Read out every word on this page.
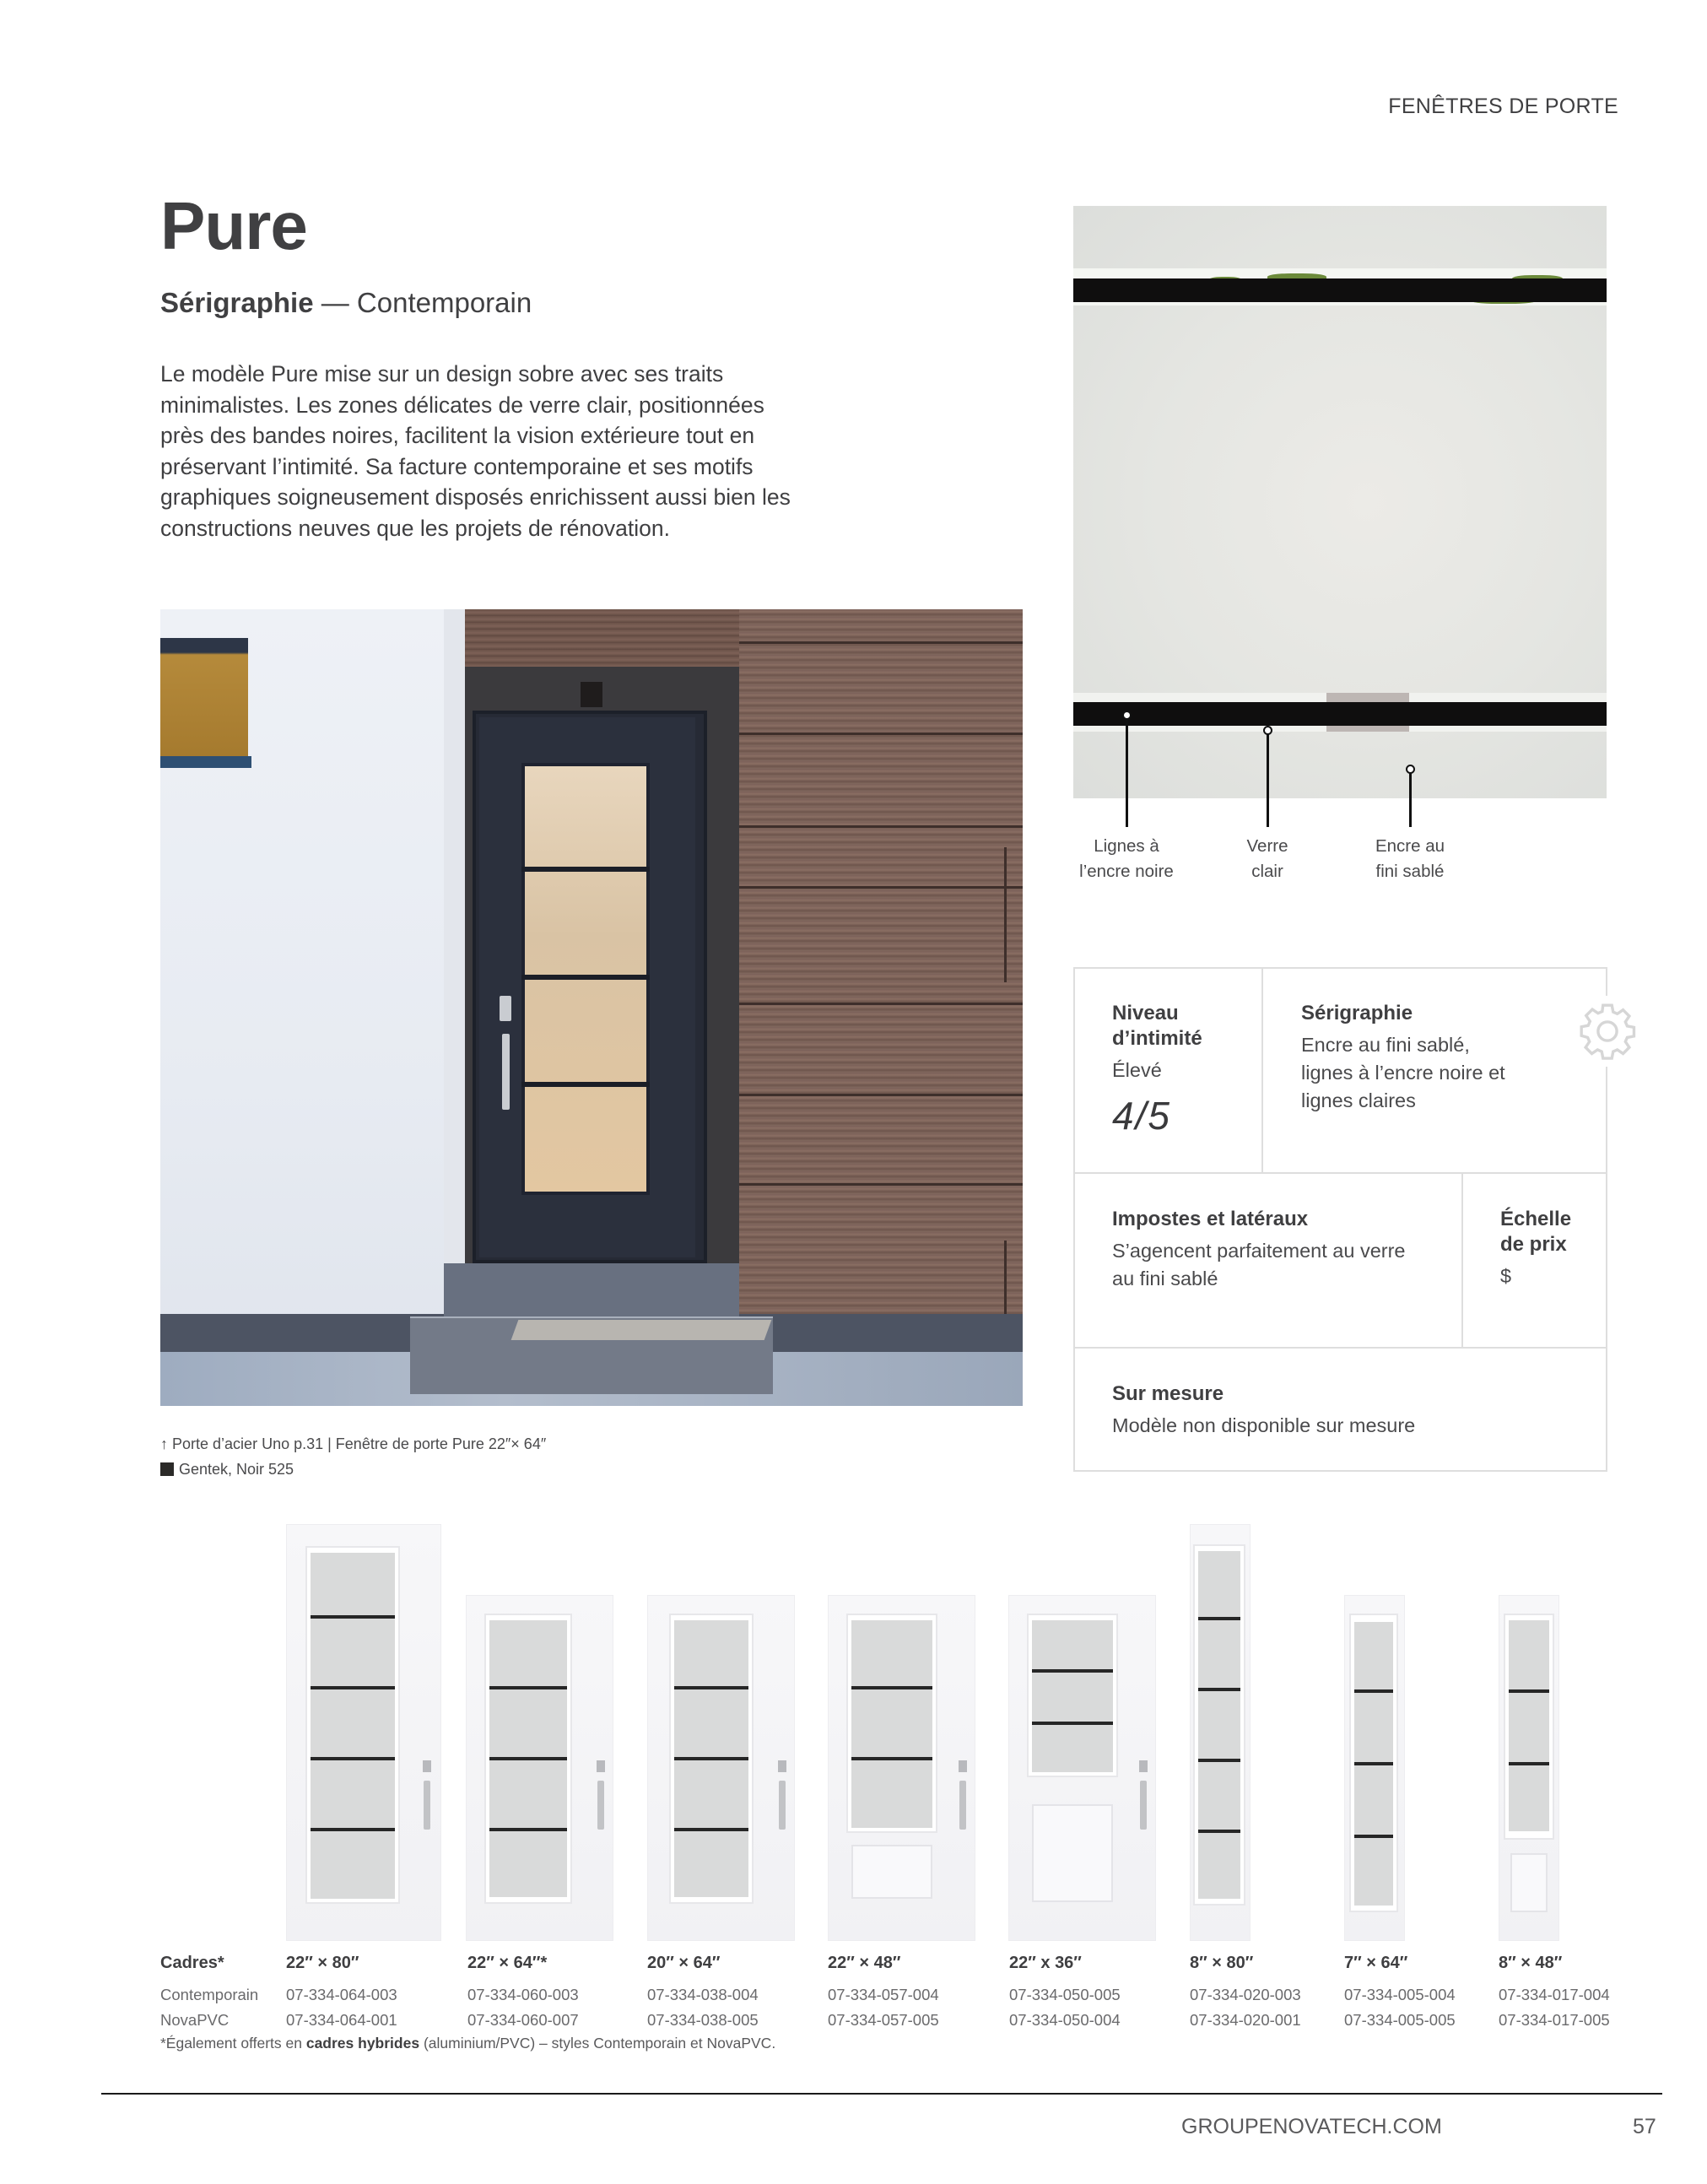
FENÊTRES DE PORTE
Pure
Sérigraphie — Contemporain
Le modèle Pure mise sur un design sobre avec ses traits minimalistes. Les zones délicates de verre clair, positionnées près des bandes noires, facilitent la vision extérieure tout en préservant l’intimité. Sa facture contemporaine et ses motifs graphiques soigneusement disposés enrichissent aussi bien les constructions neuves que les projets de rénovation.
↑ Porte d’acier Uno p.31 | Fenêtre de porte Pure 22″× 64″
Gentek, Noir 525
Lignes à
l’encre noire
Verre
clair
Encre au
fini sablé
Niveau
d’intimité
Élevé
4/5
Sérigraphie
Encre au fini sablé,
lignes à l’encre noire et
lignes claires
Impostes et latéraux
S’agencent parfaitement au verre
au fini sablé
Échelle
de prix
$
Sur mesure
Modèle non disponible sur mesure
Cadres*
Contemporain
NovaPVC
22″ × 80″
07-334-064-003
07-334-064-001
22″ × 64″*
07-334-060-003
07-334-060-007
20″ × 64″
07-334-038-004
07-334-038-005
22″ × 48″
07-334-057-004
07-334-057-005
22″ x 36″
07-334-050-005
07-334-050-004
8″ × 80″
07-334-020-003
07-334-020-001
7″ × 64″
07-334-005-004
07-334-005-005
8″ × 48″
07-334-017-004
07-334-017-005
*Également offerts en cadres hybrides (aluminium/PVC) – styles Contemporain et NovaPVC.
GROUPENOVATECH.COM	57
